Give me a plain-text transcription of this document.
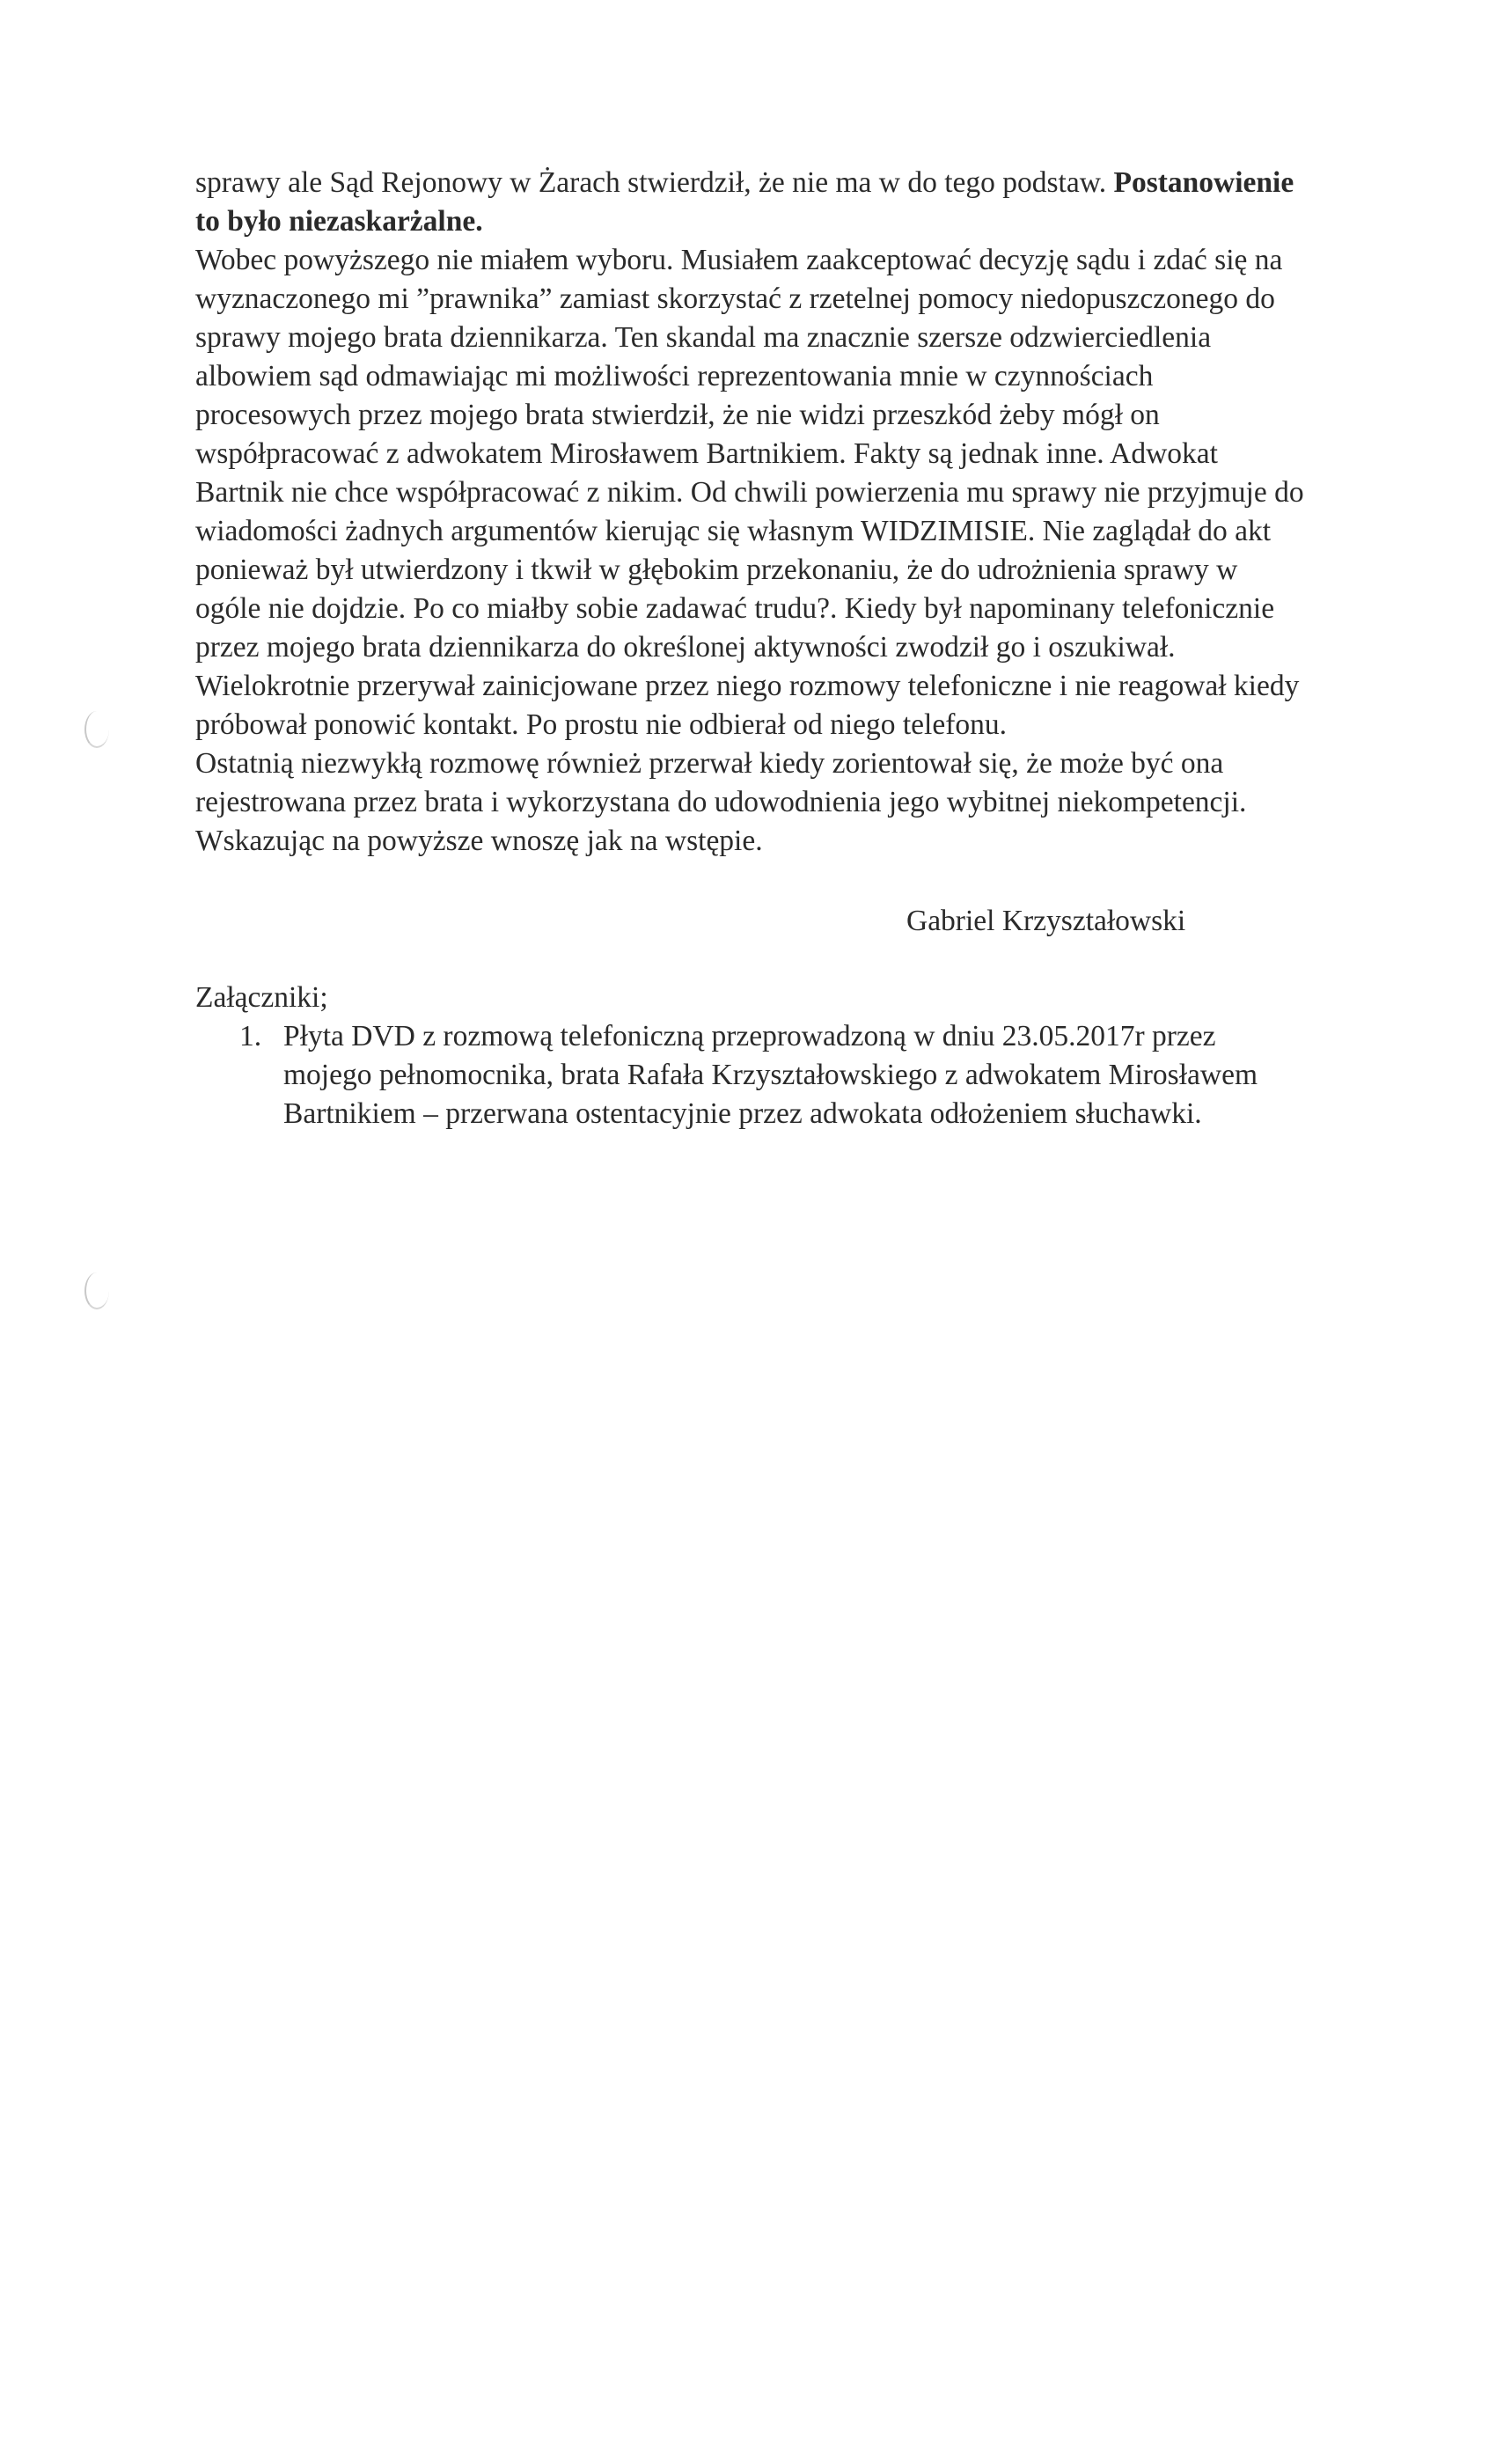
sprawy ale Sąd Rejonowy w Żarach stwierdził, że nie ma w do tego podstaw. Postanowienie
to było niezaskarżalne.
Wobec powyższego nie miałem wyboru. Musiałem zaakceptować decyzję sądu i zdać się na
wyznaczonego mi ”prawnika” zamiast skorzystać z rzetelnej pomocy niedopuszczonego do
sprawy mojego brata dziennikarza. Ten skandal ma znacznie szersze odzwierciedlenia
albowiem sąd odmawiając mi możliwości reprezentowania mnie w czynnościach
procesowych przez mojego brata stwierdził, że nie widzi przeszkód żeby mógł on
współpracować z adwokatem Mirosławem Bartnikiem. Fakty są jednak inne. Adwokat
Bartnik nie chce współpracować z nikim. Od chwili powierzenia mu sprawy nie przyjmuje do
wiadomości żadnych argumentów kierując się własnym WIDZIMISIE. Nie zaglądał do akt
ponieważ był utwierdzony i tkwił w głębokim przekonaniu, że do udrożnienia sprawy w
ogóle nie dojdzie. Po co miałby sobie zadawać trudu?. Kiedy był napominany telefonicznie
przez mojego brata dziennikarza do określonej aktywności zwodził go i oszukiwał.
Wielokrotnie przerywał zainicjowane przez niego rozmowy telefoniczne i nie reagował kiedy
próbował ponowić kontakt. Po prostu nie odbierał od niego telefonu.
Ostatnią niezwykłą rozmowę również przerwał kiedy zorientował się, że może być ona
rejestrowana przez brata i wykorzystana do udowodnienia jego wybitnej niekompetencji.
Wskazując na powyższe wnoszę jak na wstępie.
Gabriel Krzyształowski
Załączniki;
1. Płyta DVD z rozmową telefoniczną przeprowadzoną w dniu 23.05.2017r przez
mojego pełnomocnika, brata Rafała Krzyształowskiego z adwokatem Mirosławem
Bartnikiem – przerwana ostentacyjnie przez adwokata odłożeniem słuchawki.
